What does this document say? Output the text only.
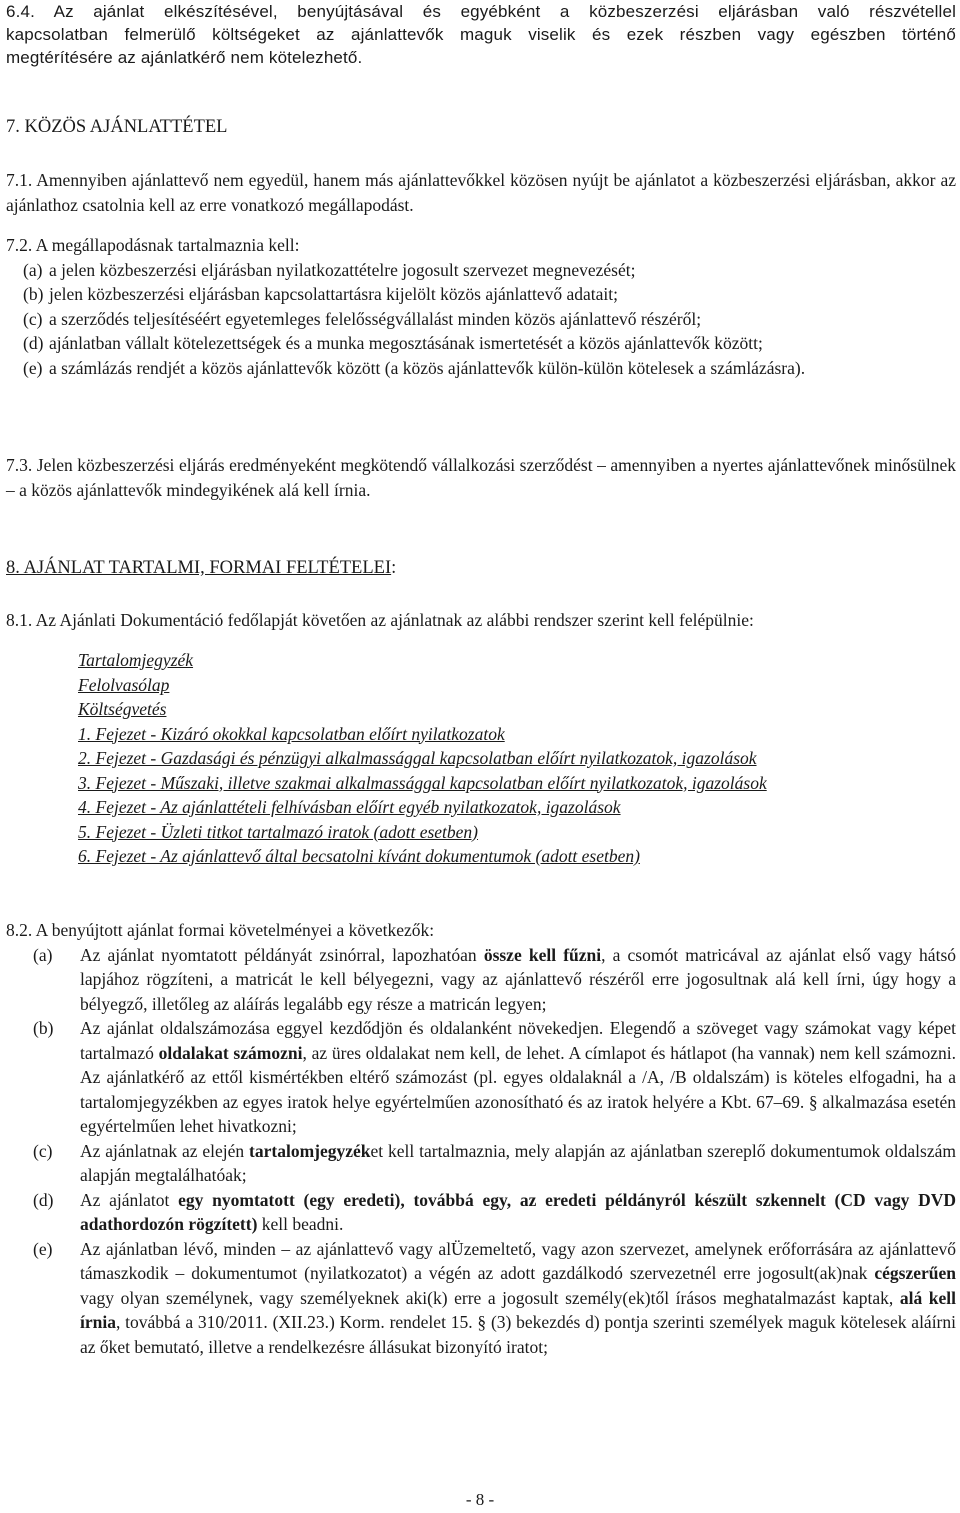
6.4. Az ajánlat elkészítésével, benyújtásával és egyébként a közbeszerzési eljárásban való részvétellel

kapcsolatban felmerülő költségeket az ajánlattevők maguk viselik és ezek részben vagy egészben történő

megtérítésére az ajánlatkérő nem kötelezhető.

7. KÖZÖS AJÁNLATTÉTEL

7.1. Amennyiben ajánlattevő nem egyedül, hanem más ajánlattevőkkel közösen nyújt be ajánlatot a közbeszerzési eljárásban, akkor az ajánlathoz csatolnia kell az erre vonatkozó megállapodást.

7.2. A megállapodásnak tartalmaznia kell:

(a) a jelen közbeszerzési eljárásban nyilatkozattételre jogosult szervezet megnevezését;
(b) jelen közbeszerzési eljárásban kapcsolattartásra kijelölt közös ajánlattevő adatait;
(c) a szerződés teljesítéséért egyetemleges felelősségvállalást minden közös ajánlattevő részéről;
(d) ajánlatban vállalt kötelezettségek és a munka megosztásának ismertetését a közös ajánlattevők között;
(e) a számlázás rendjét a közös ajánlattevők között (a közös ajánlattevők külön-külön kötelesek a számlázásra).

7.3. Jelen közbeszerzési eljárás eredményeként megkötendő vállalkozási szerződést – amennyiben a nyertes ajánlattevőnek minősülnek – a közös ajánlattevők mindegyikének alá kell írnia.

8. AJÁNLAT TARTALMI, FORMAI FELTÉTELEI:

8.1. Az Ajánlati Dokumentáció fedőlapját követően az ajánlatnak az alábbi rendszer szerint kell felépülnie:

Tartalomjegyzék
Felolvasólap
Költségvetés
1. Fejezet - Kizáró okokkal kapcsolatban előírt nyilatkozatok
2. Fejezet - Gazdasági és pénzügyi alkalmassággal kapcsolatban előírt nyilatkozatok, igazolások
3. Fejezet - Műszaki, illetve szakmai alkalmassággal kapcsolatban előírt nyilatkozatok, igazolások
4. Fejezet - Az ajánlattételi felhívásban előírt egyéb nyilatkozatok, igazolások
5. Fejezet - Üzleti titkot tartalmazó iratok (adott esetben)
6. Fejezet - Az ajánlattevő által becsatolni kívánt dokumentumok (adott esetben)

8.2. A benyújtott ajánlat formai követelményei a következők:

(a)	Az ajánlat nyomtatott példányát zsinórral, lapozhatóan össze kell fűzni, a csomót matricával az ajánlat első vagy hátsó lapjához rögzíteni, a matricát le kell bélyegezni, vagy az ajánlattevő részéről erre jogosultnak alá kell írni, úgy hogy a bélyegző, illetőleg az aláírás legalább egy része a matricán legyen;
(b)	Az ajánlat oldalszámozása eggyel kezdődjön és oldalanként növekedjen. Elegendő a szöveget vagy számokat vagy képet tartalmazó oldalakat számozni, az üres oldalakat nem kell, de lehet. A címlapot és hátlapot (ha vannak) nem kell számozni. Az ajánlatkérő az ettől kismértékben eltérő számozást (pl. egyes oldalaknál a /A, /B oldalszám) is köteles elfogadni, ha a tartalomjegyzékben az egyes iratok helye egyértelműen azonosítható és az iratok helyére a Kbt. 67–69. § alkalmazása esetén egyértelműen lehet hivatkozni;
(c)	Az ajánlatnak az elején tartalomjegyzéket kell tartalmaznia, mely alapján az ajánlatban szereplő dokumentumok oldalszám alapján megtalálhatóak;
(d)	Az ajánlatot egy nyomtatott (egy eredeti), továbbá egy, az eredeti példányról készült szkennelt (CD vagy DVD adathordozón rögzített) kell beadni.
(e)	Az ajánlatban lévő, minden – az ajánlattevő vagy alÜzemeltető, vagy azon szervezet, amelynek erőforrására az ajánlattevő támaszkodik – dokumentumot (nyilatkozatot) a végén az adott gazdálkodó szervezetnél erre jogosult(ak)nak cégszerűen vagy olyan személynek, vagy személyeknek aki(k) erre a jogosult személy(ek)től írásos meghatalmazást kaptak, alá kell írnia, továbbá a 310/2011. (XII.23.) Korm. rendelet 15. § (3) bekezdés d) pontja szerinti személyek maguk kötelesek aláírni az őket bemutató, illetve a rendelkezésre állásukat bizonyító iratot;
- 8 -
